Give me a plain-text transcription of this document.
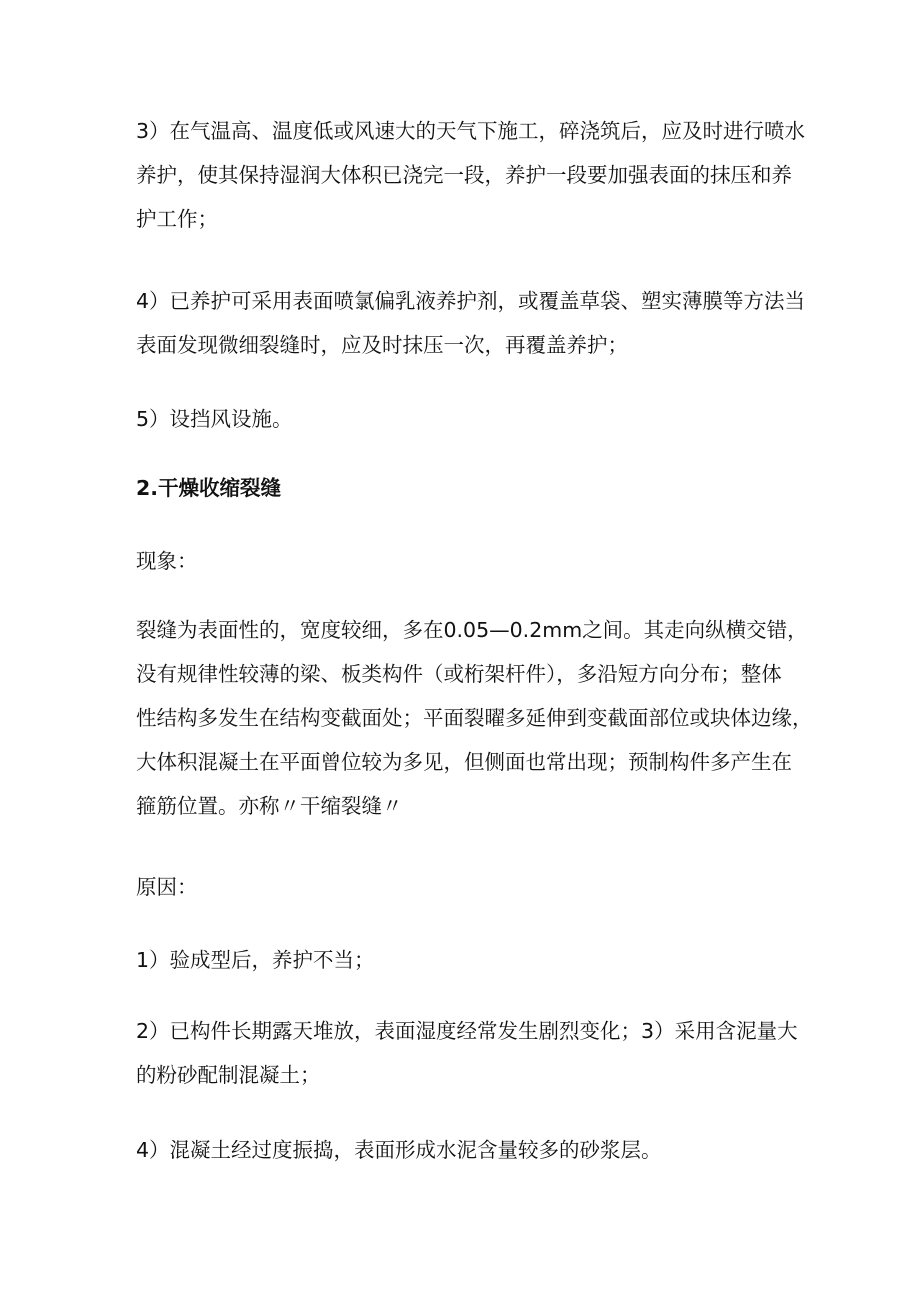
3）在气温高、温度低或风速大的天气下施工，碎浇筑后，应及时进行喷水
养护，使其保持湿润大体积已浇完一段，养护一段要加强表面的抹压和养
护工作；
4）已养护可采用表面喷氯偏乳液养护剂，或覆盖草袋、塑实薄膜等方法当
表面发现微细裂缝时，应及时抹压一次，再覆盖养护；
5）设挡风设施。
2.干燥收缩裂缝
现象：
裂缝为表面性的，宽度较细，多在0.05—0.2mm之间。其走向纵横交错，
没有规律性较薄的梁、板类构件（或桁架杆件），多沿短方向分布；整体
性结构多发生在结构变截面处；平面裂曜多延伸到变截面部位或块体边缘，
大体积混凝土在平面曾位较为多见，但侧面也常出现；预制构件多产生在
箍筋位置。亦称〃干缩裂缝〃
原因：
1）验成型后，养护不当；
2）已构件长期露天堆放，表面湿度经常发生剧烈变化；3）采用含泥量大
的粉砂配制混凝土；
4）混凝土经过度振捣，表面形成水泥含量较多的砂浆层。
